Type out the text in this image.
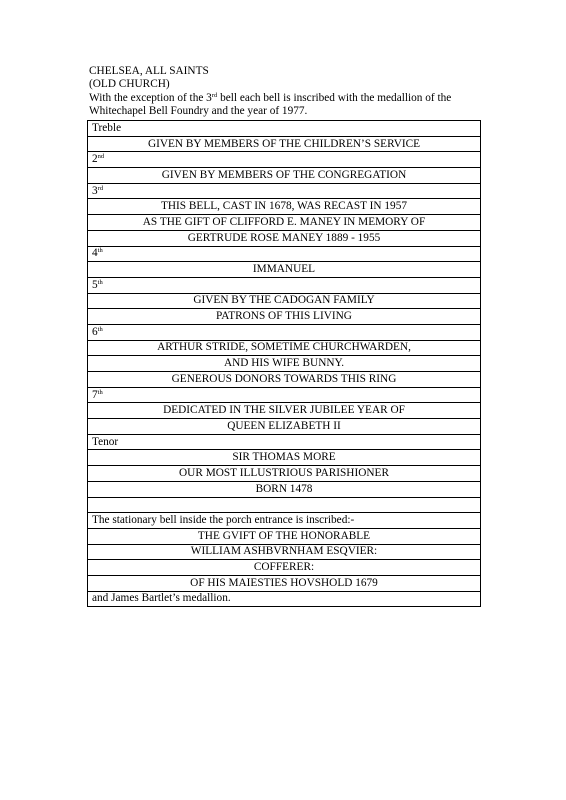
CHELSEA, ALL SAINTS
(OLD CHURCH)
With the exception of the 3rd bell each bell is inscribed with the medallion of the
Whitechapel Bell Foundry and the year of 1977.
Treble
GIVEN BY MEMBERS OF THE CHILDREN’S SERVICE
2nd
GIVEN BY MEMBERS OF THE CONGREGATION
3rd
THIS BELL, CAST IN 1678, WAS RECAST IN 1957
AS THE GIFT OF CLIFFORD E. MANEY IN MEMORY OF
GERTRUDE ROSE MANEY 1889 - 1955
4th
IMMANUEL
5th
GIVEN BY THE CADOGAN FAMILY
PATRONS OF THIS LIVING
6th
ARTHUR STRIDE, SOMETIME CHURCHWARDEN,
AND HIS WIFE BUNNY.
GENEROUS DONORS TOWARDS THIS RING
7th
DEDICATED IN THE SILVER JUBILEE YEAR OF
QUEEN ELIZABETH II
Tenor
SIR THOMAS MORE
OUR MOST ILLUSTRIOUS PARISHIONER
BORN 1478

The stationary bell inside the porch entrance is inscribed:-
THE GVIFT OF THE HONORABLE
WILLIAM ASHBVRNHAM ESQVIER:
COFFERER:
OF HIS MAIESTIES HOVSHOLD 1679
and James Bartlet’s medallion.
